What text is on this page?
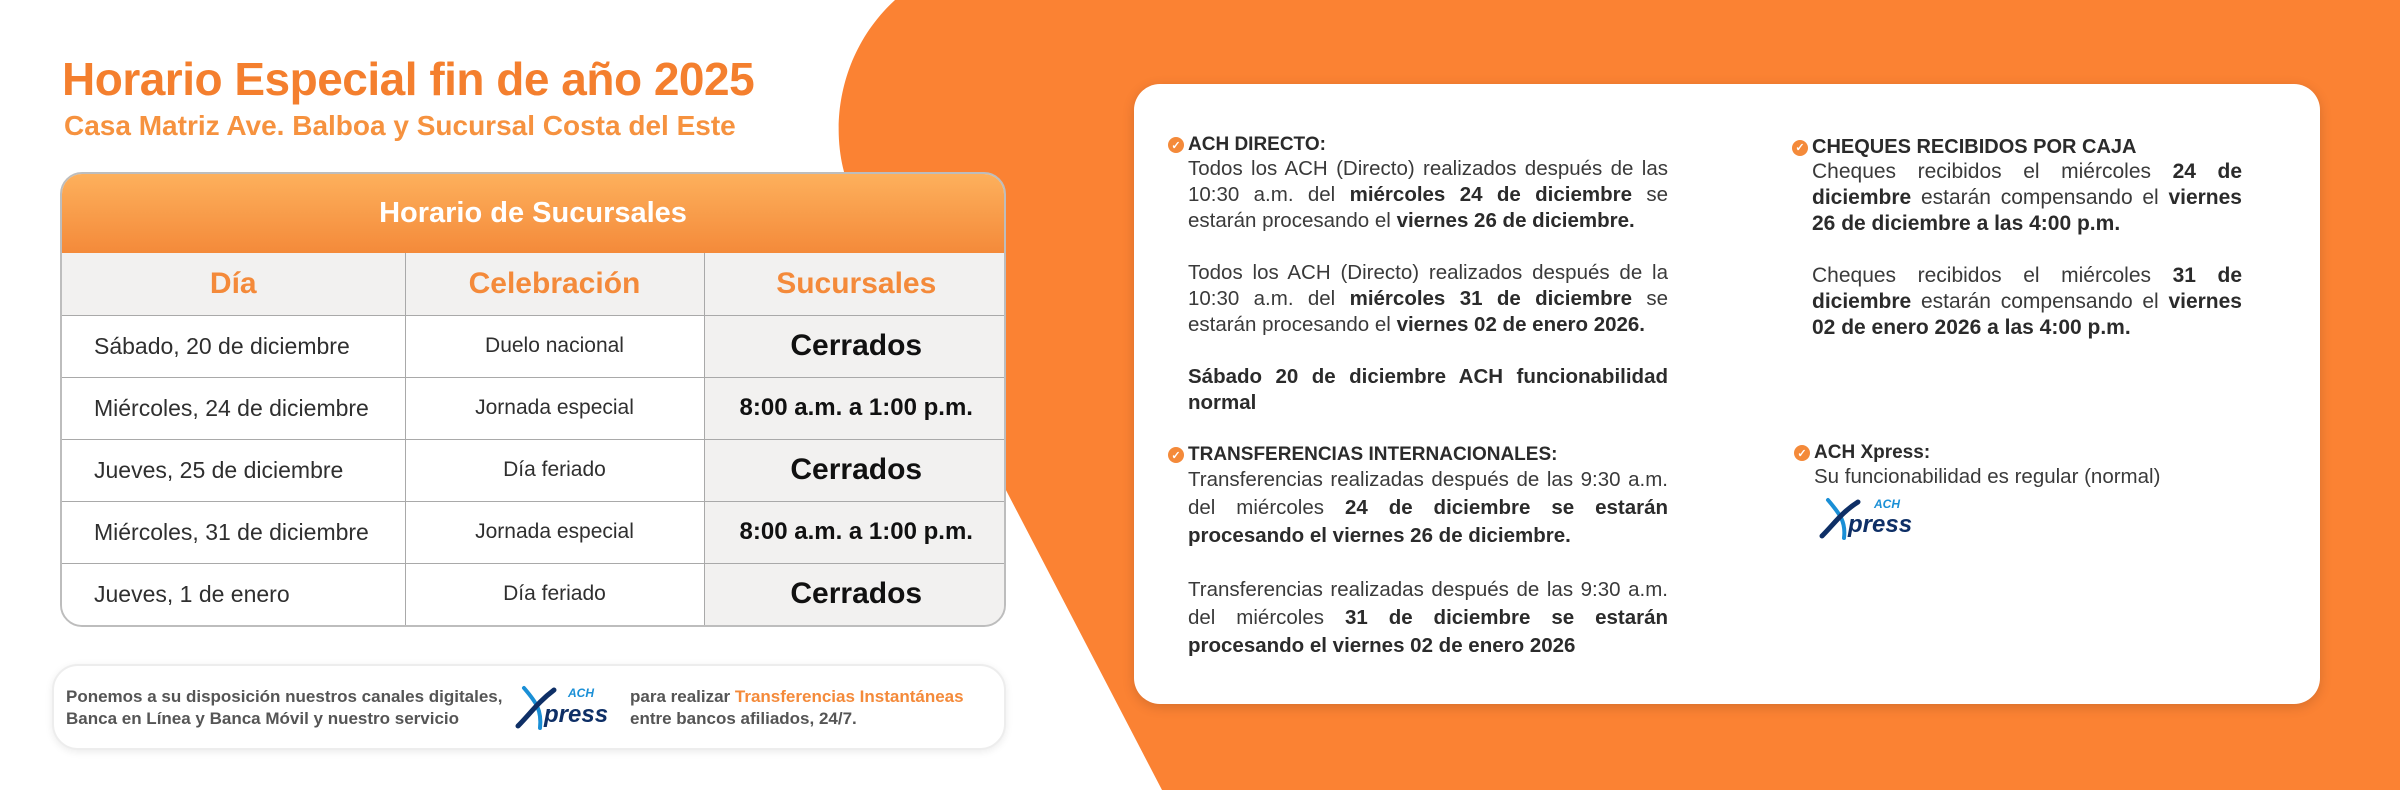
Horario Especial fin de año 2025
Casa Matriz Ave. Balboa y Sucursal Costa del Este
Horario de Sucursales
Día	Celebración	Sucursales
Sábado, 20 de diciembre	Duelo nacional	Cerrados
Miércoles, 24 de diciembre	Jornada especial	8:00 a.m. a 1:00 p.m.
Jueves, 25 de diciembre	Día feriado	Cerrados
Miércoles, 31 de diciembre	Jornada especial	8:00 a.m. a 1:00 p.m.
Jueves, 1 de enero	Día feriado	Cerrados
Ponemos a su disposición nuestros canales digitales,
Banca en Línea y Banca Móvil y nuestro servicio
ACH
press
para realizar Transferencias Instantáneas
entre bancos afiliados, 24/7.
✓ ACH DIRECTO:

Todos los ACH (Directo) realizados después de las 10:30 a.m. del miércoles 24 de diciembre se estarán procesando el viernes 26 de diciembre.

Todos los ACH (Directo) realizados después de la 10:30 a.m. del miércoles 31 de diciembre se estarán procesando el viernes 02 de enero 2026.

Sábado 20 de diciembre ACH funcionabilidad normal

✓ TRANSFERENCIAS INTERNACIONALES:

Transferencias realizadas después de las 9:30 a.m. del miércoles 24 de diciembre se estarán procesando el viernes 26 de diciembre.

Transferencias realizadas después de las 9:30 a.m. del miércoles 31 de diciembre se estarán procesando el viernes 02 de enero 2026

✓ CHEQUES RECIBIDOS POR CAJA

Cheques recibidos el miércoles 24 de diciembre estarán compensando el viernes 26 de diciembre a las 4:00 p.m.

Cheques recibidos el miércoles 31 de diciembre estarán compensando el viernes 02 de enero 2026 a las 4:00 p.m.

✓ ACH Xpress:

Su funcionabilidad es regular (normal)

ACH
press
